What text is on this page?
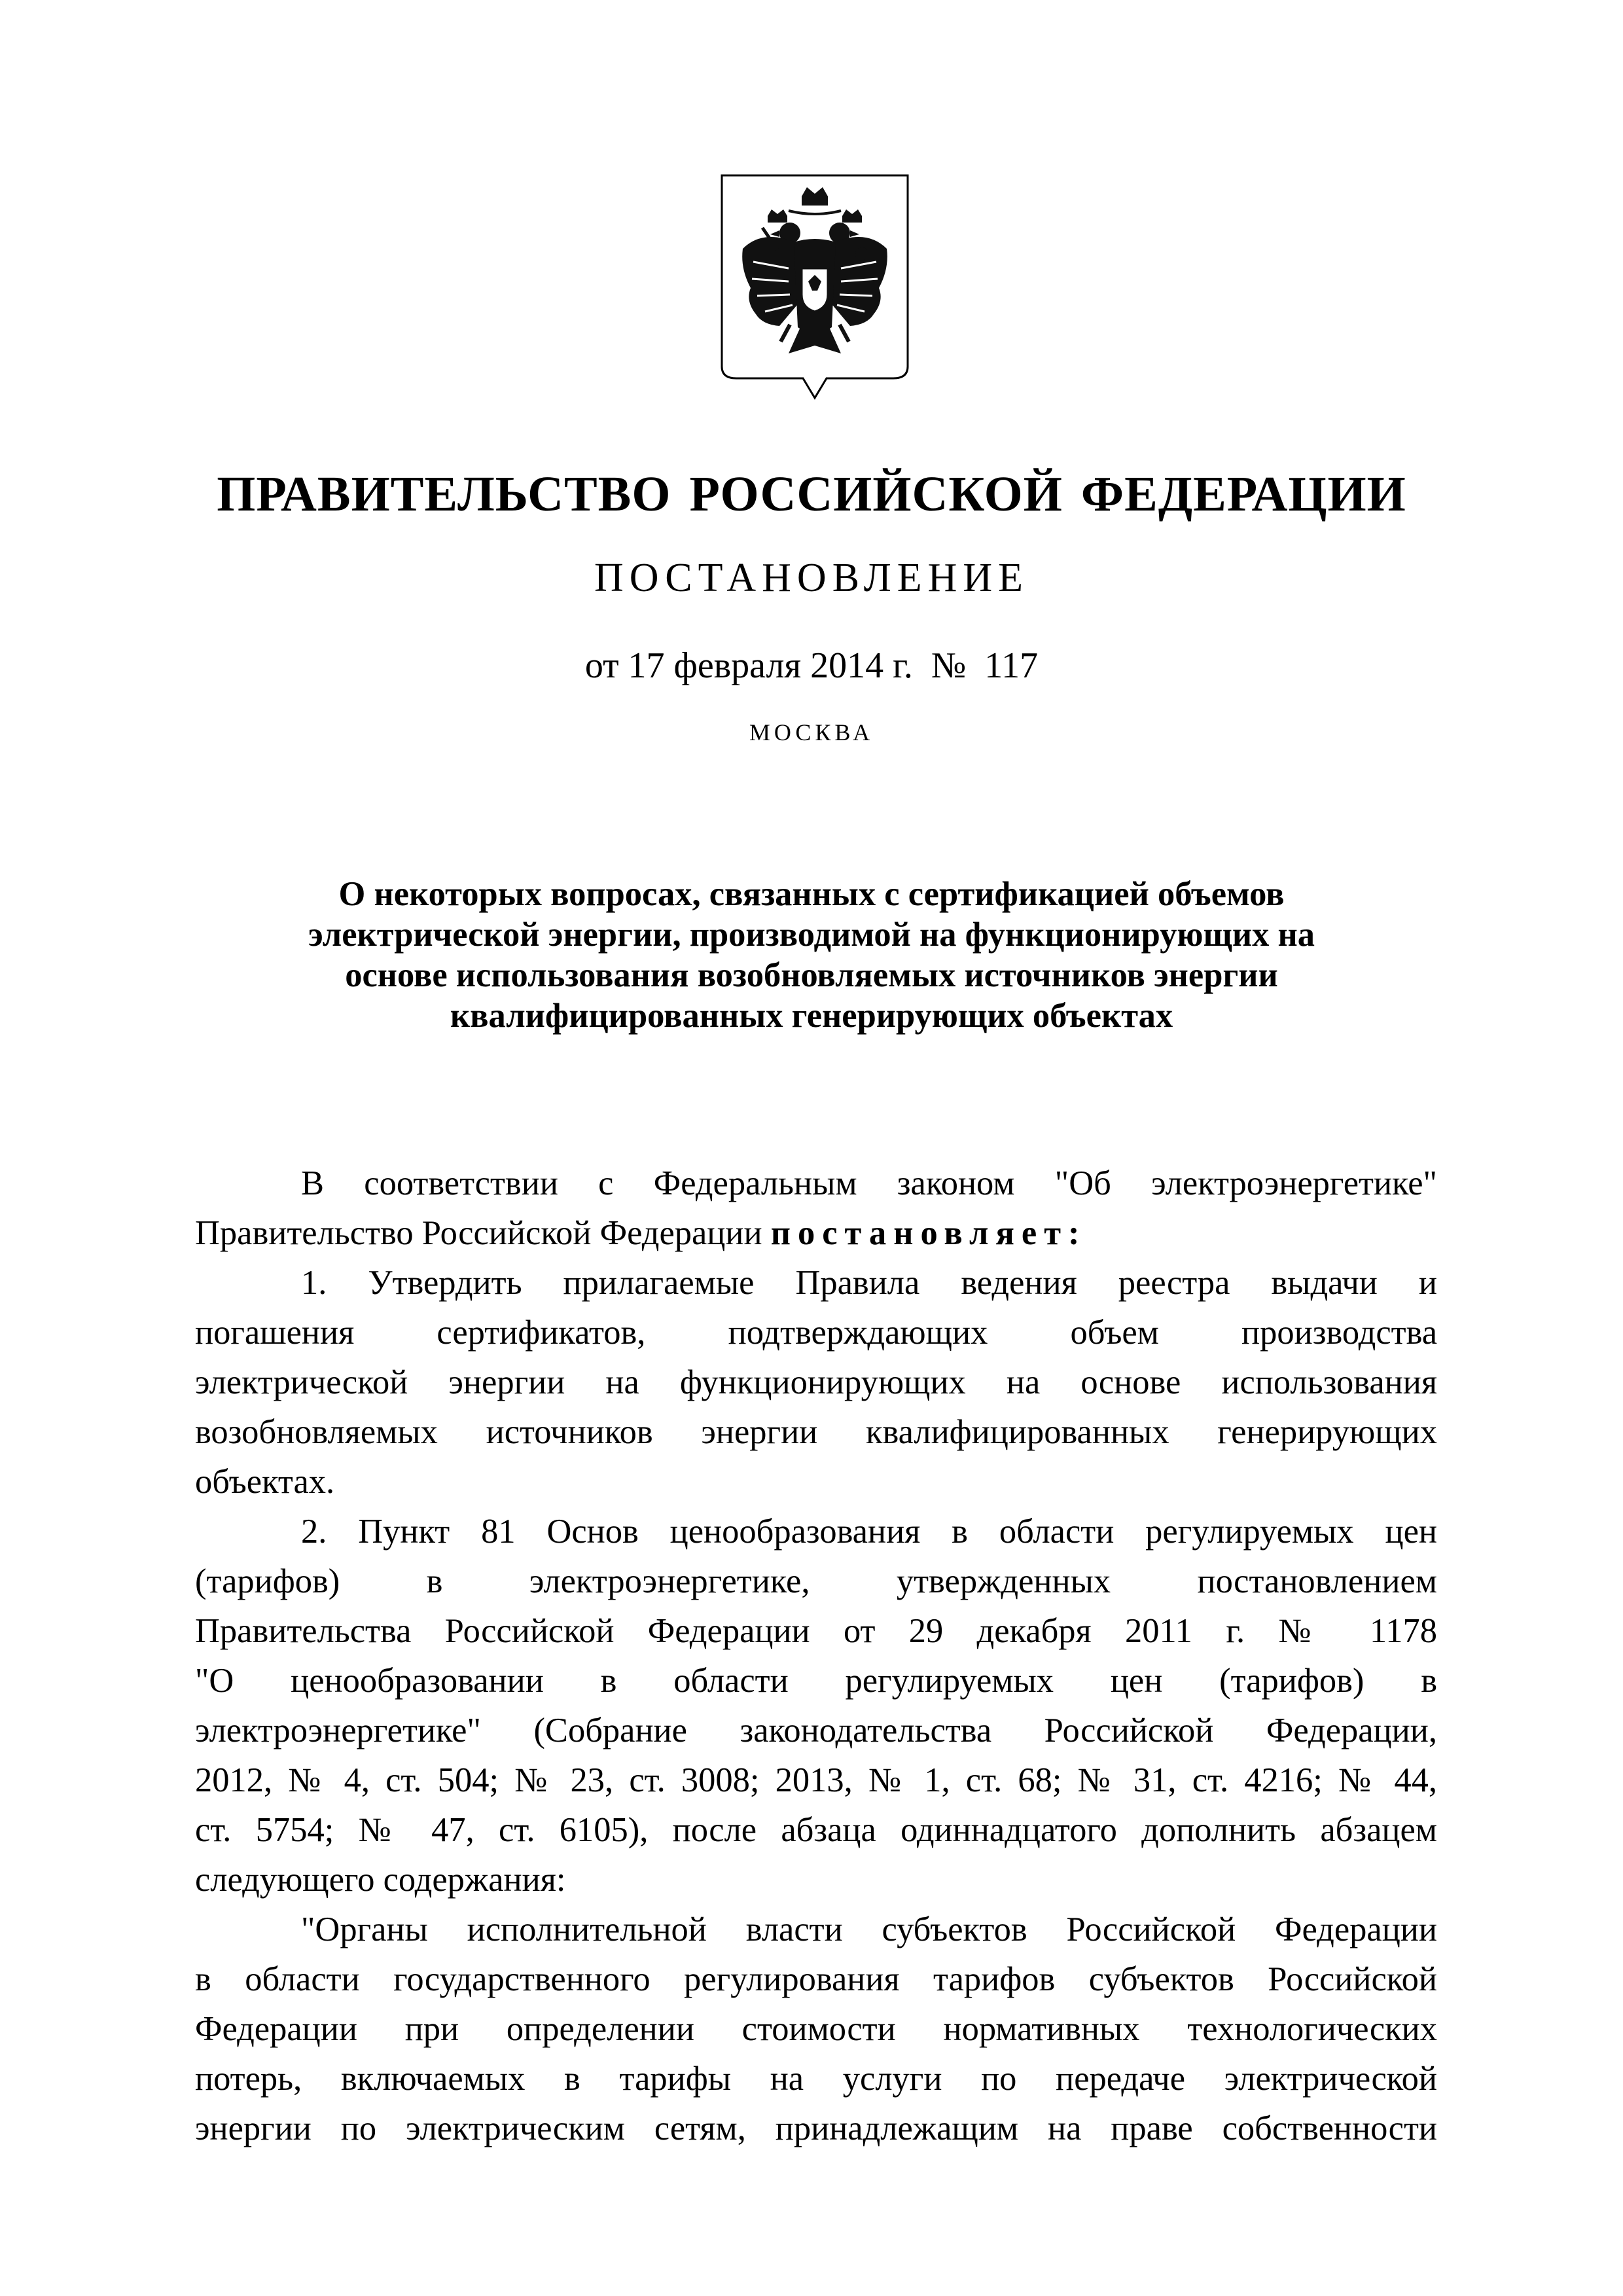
ПРАВИТЕЛЬСТВО РОССИЙСКОЙ ФЕДЕРАЦИИ
ПОСТАНОВЛЕНИЕ
от 17 февраля 2014 г.  №  117
МОСКВА
О некоторых вопросах, связанных с сертификацией объемов
электрической энергии, производимой на функционирующих на
основе использования возобновляемых источников энергии
квалифицированных генерирующих объектах
В соответствии с Федеральным законом "Об электроэнергетике"
Правительство Российской Федерации постановляет:
1. Утвердить прилагаемые Правила ведения реестра выдачи и
погашения сертификатов, подтверждающих объем производства
электрической энергии на функционирующих на основе использования
возобновляемых источников энергии квалифицированных генерирующих
объектах.
2. Пункт 81 Основ ценообразования в области регулируемых цен
(тарифов) в электроэнергетике, утвержденных постановлением
Правительства Российской Федерации от 29 декабря 2011 г. № 1178
"О ценообразовании в области регулируемых цен (тарифов) в
электроэнергетике" (Собрание законодательства Российской Федерации,
2012, № 4, ст. 504; № 23, ст. 3008; 2013, № 1, ст. 68; № 31, ст. 4216; № 44,
ст. 5754; № 47, ст. 6105), после абзаца одиннадцатого дополнить абзацем
следующего содержания:
"Органы исполнительной власти субъектов Российской Федерации
в области государственного регулирования тарифов субъектов Российской
Федерации при определении стоимости нормативных технологических
потерь, включаемых в тарифы на услуги по передаче электрической
энергии по электрическим сетям, принадлежащим на праве собственности
